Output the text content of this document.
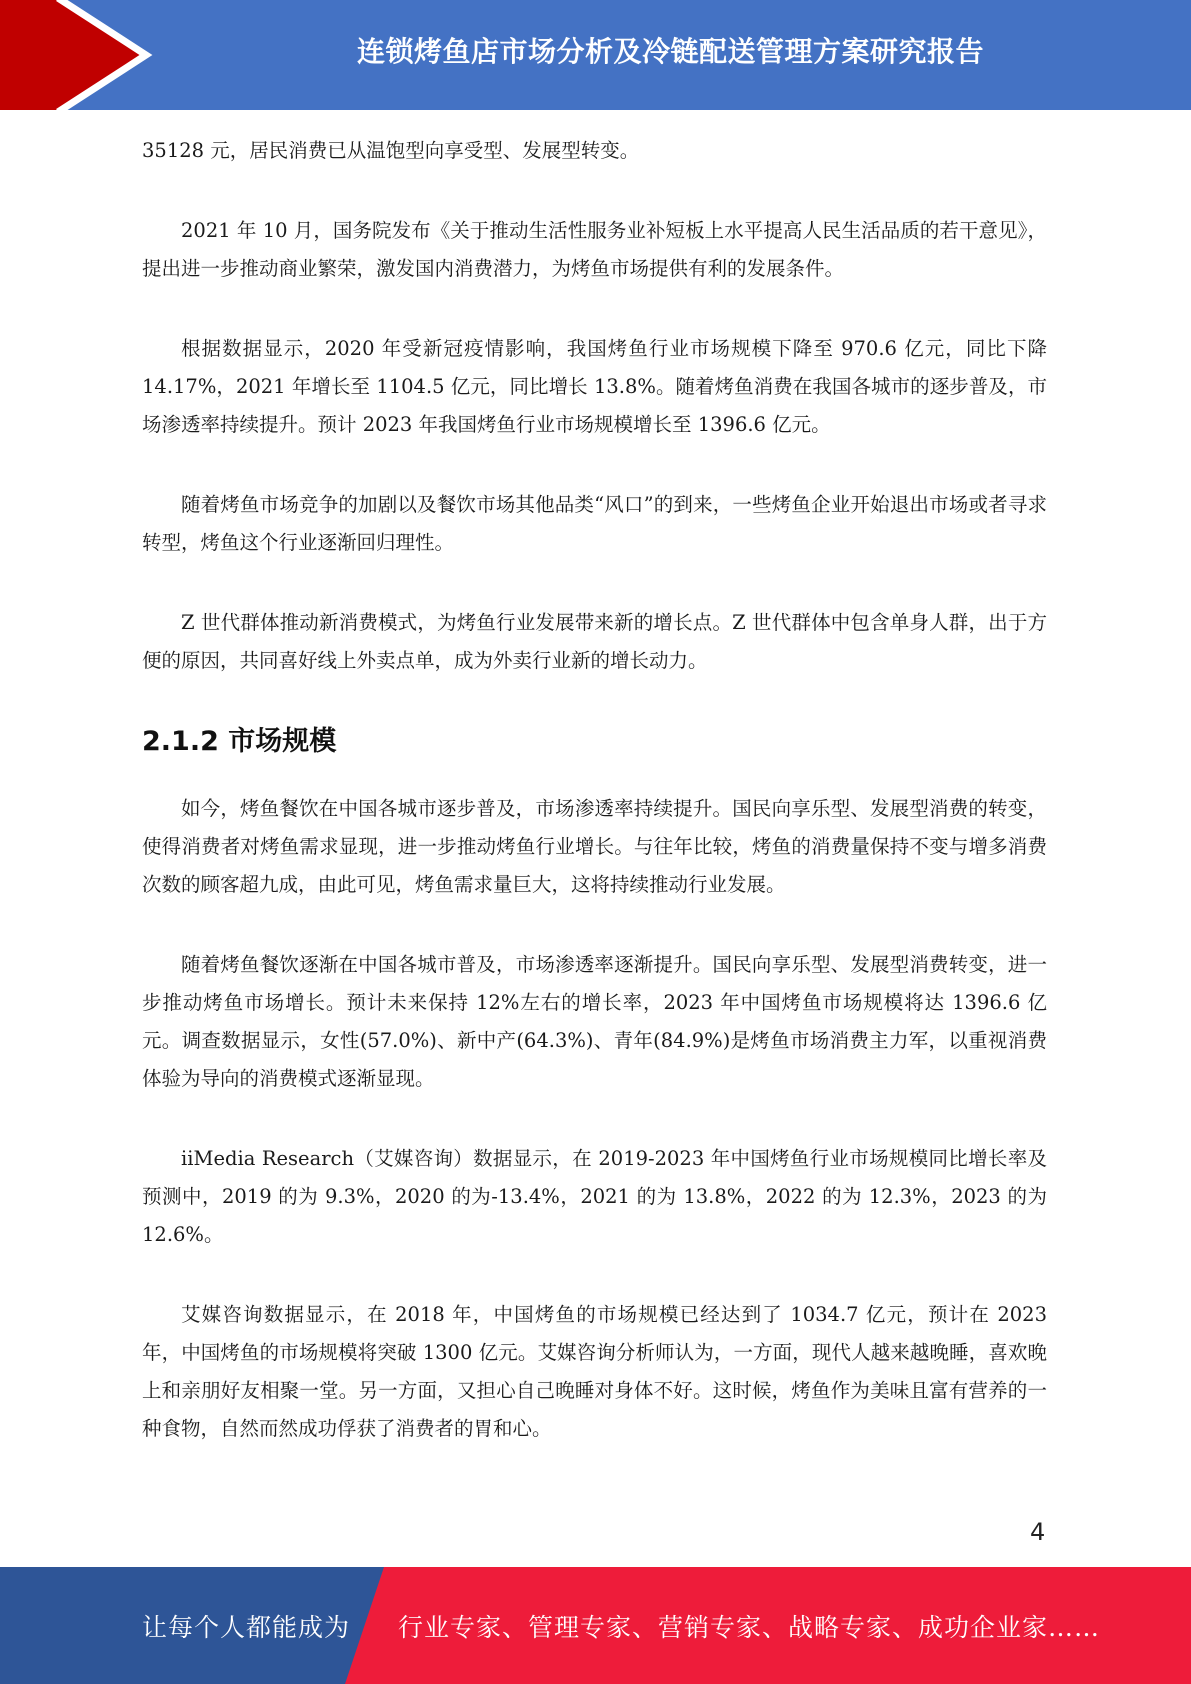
连锁烤鱼店市场分析及冷链配送管理方案研究报告

35128 元，居民消费已从温饱型向享受型、发展型转变。

2021 年 10 月，国务院发布《关于推动生活性服务业补短板上水平提高人民生活品质的若干意见》，提出进一步推动商业繁荣，激发国内消费潜力，为烤鱼市场提供有利的发展条件。

根据数据显示，2020 年受新冠疫情影响，我国烤鱼行业市场规模下降至 970.6 亿元，同比下降 14.17%，2021 年增长至 1104.5 亿元，同比增长 13.8%。随着烤鱼消费在我国各城市的逐步普及，市场渗透率持续提升。预计 2023 年我国烤鱼行业市场规模增长至 1396.6 亿元。

随着烤鱼市场竞争的加剧以及餐饮市场其他品类“风口”的到来，一些烤鱼企业开始退出市场或者寻求转型，烤鱼这个行业逐渐回归理性。

Z 世代群体推动新消费模式，为烤鱼行业发展带来新的增长点。Z 世代群体中包含单身人群，出于方便的原因，共同喜好线上外卖点单，成为外卖行业新的增长动力。

2.1.2 市场规模

如今，烤鱼餐饮在中国各城市逐步普及，市场渗透率持续提升。国民向享乐型、发展型消费的转变，使得消费者对烤鱼需求显现，进一步推动烤鱼行业增长。与往年比较，烤鱼的消费量保持不变与增多消费次数的顾客超九成，由此可见，烤鱼需求量巨大，这将持续推动行业发展。

随着烤鱼餐饮逐渐在中国各城市普及，市场渗透率逐渐提升。国民向享乐型、发展型消费转变，进一步推动烤鱼市场增长。预计未来保持 12%左右的增长率，2023 年中国烤鱼市场规模将达 1396.6 亿元。调查数据显示，女性(57.0%)、新中产(64.3%)、青年(84.9%)是烤鱼市场消费主力军，以重视消费体验为导向的消费模式逐渐显现。

iiMedia Research（艾媒咨询）数据显示，在 2019-2023 年中国烤鱼行业市场规模同比增长率及预测中，2019 的为 9.3%，2020 的为-13.4%，2021 的为 13.8%，2022 的为 12.3%，2023 的为 12.6%。

艾媒咨询数据显示，在 2018 年，中国烤鱼的市场规模已经达到了 1034.7 亿元，预计在 2023 年，中国烤鱼的市场规模将突破 1300 亿元。艾媒咨询分析师认为，一方面，现代人越来越晚睡，喜欢晚上和亲朋好友相聚一堂。另一方面，又担心自己晚睡对身体不好。这时候，烤鱼作为美味且富有营养的一种食物，自然而然成功俘获了消费者的胃和心。

4
让每个人都能成为 行业专家、管理专家、营销专家、战略专家、成功企业家……
